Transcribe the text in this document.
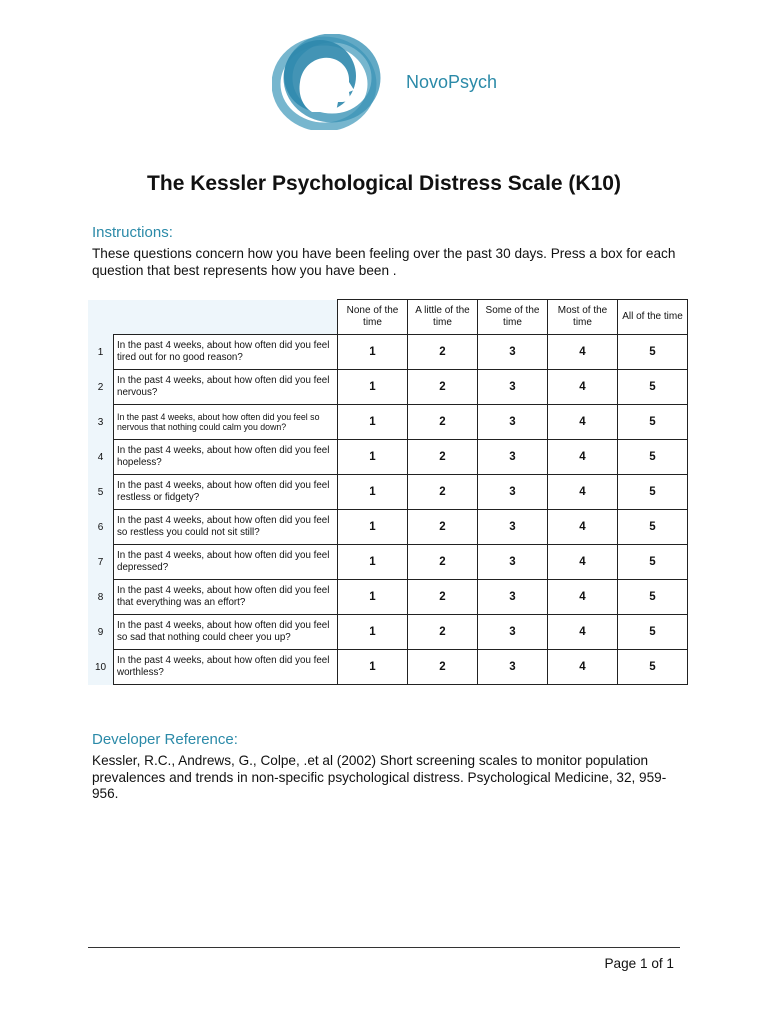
NovoPsych
The Kessler Psychological Distress Scale (K10)
Instructions:

These questions concern how you have been feeling over the past 30 days. Press a box for each question that best represents how you have been .

		None of the time	A little of the time	Some of the time	Most of the time	All of the time
1	In the past 4 weeks, about how often did you feel tired out for no good reason?	1	2	3	4	5
2	In the past 4 weeks, about how often did you feel nervous?	1	2	3	4	5
3	In the past 4 weeks, about how often did you feel so nervous that nothing could calm you down?	1	2	3	4	5
4	In the past 4 weeks, about how often did you feel hopeless?	1	2	3	4	5
5	In the past 4 weeks, about how often did you feel restless or fidgety?	1	2	3	4	5
6	In the past 4 weeks, about how often did you feel so restless you could not sit still?	1	2	3	4	5
7	In the past 4 weeks, about how often did you feel depressed?	1	2	3	4	5
8	In the past 4 weeks, about how often did you feel that everything was an effort?	1	2	3	4	5
9	In the past 4 weeks, about how often did you feel so sad that nothing could cheer you up?	1	2	3	4	5
10	In the past 4 weeks, about how often did you feel worthless?	1	2	3	4	5
Developer Reference:

Kessler, R.C., Andrews, G., Colpe, .et al (2002) Short screening scales to monitor population prevalences and trends in non-specific psychological distress. Psychological Medicine, 32, 959-956.

Page 1 of 1
